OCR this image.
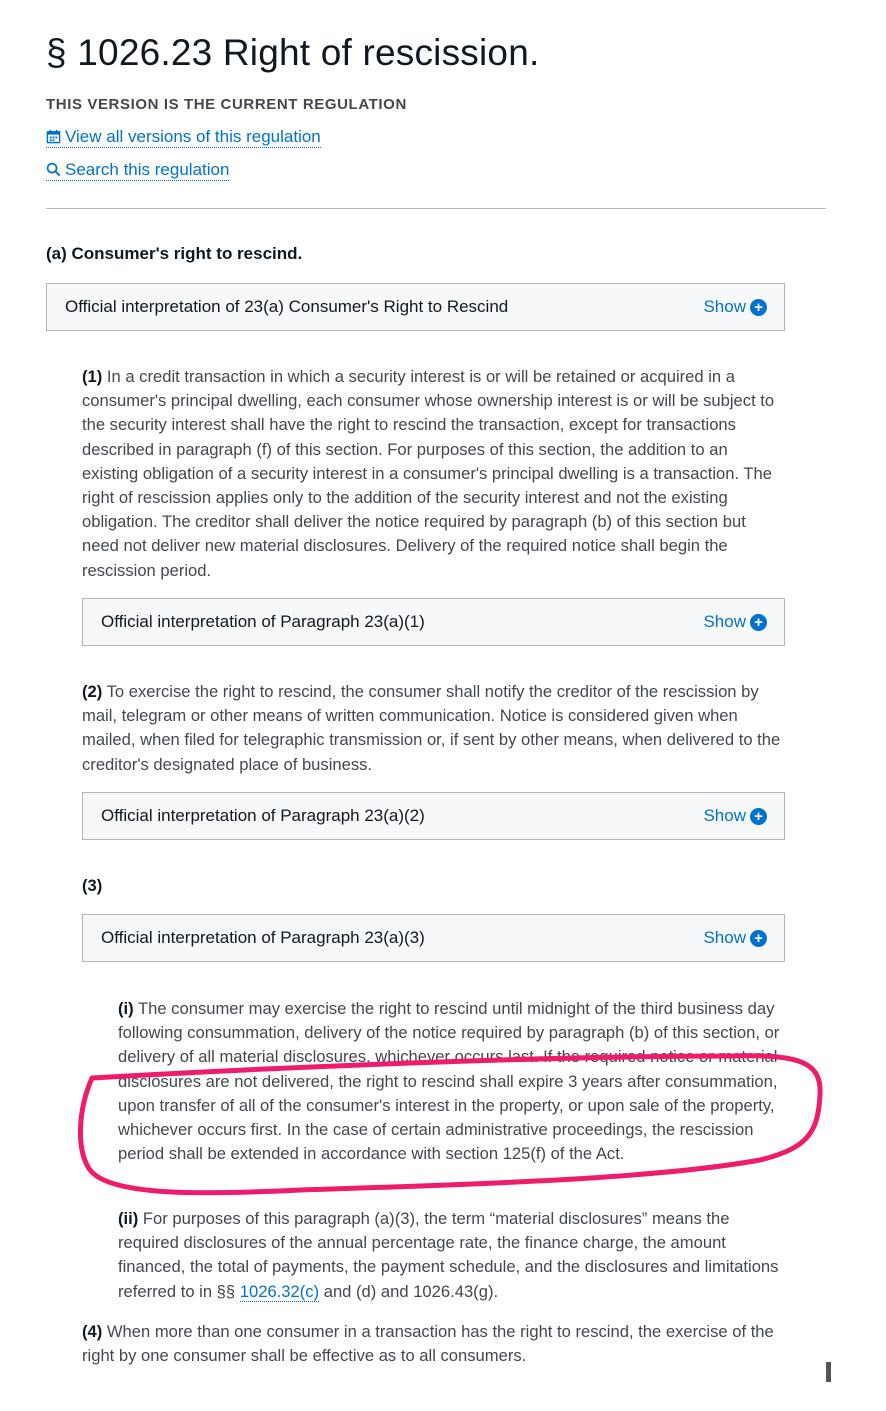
§ 1026.23 Right of rescission.
THIS VERSION IS THE CURRENT REGULATION
View all versions of this regulation
Search this regulation
(a) Consumer's right to rescind.
Official interpretation of 23(a) Consumer's Right to Rescind	Show +

(1) In a credit transaction in which a security interest is or will be retained or acquired in a consumer's principal dwelling, each consumer whose ownership interest is or will be subject to the security interest shall have the right to rescind the transaction, except for transactions described in paragraph (f) of this section. For purposes of this section, the addition to an existing obligation of a security interest in a consumer's principal dwelling is a transaction. The right of rescission applies only to the addition of the security interest and not the existing obligation. The creditor shall deliver the notice required by paragraph (b) of this section but need not deliver new material disclosures. Delivery of the required notice shall begin the rescission period.

Official interpretation of Paragraph 23(a)(1)	Show +

(2) To exercise the right to rescind, the consumer shall notify the creditor of the rescission by mail, telegram or other means of written communication. Notice is considered given when mailed, when filed for telegraphic transmission or, if sent by other means, when delivered to the creditor's designated place of business.

Official interpretation of Paragraph 23(a)(2)	Show +

(3)

Official interpretation of Paragraph 23(a)(3)	Show +

(i) The consumer may exercise the right to rescind until midnight of the third business day following consummation, delivery of the notice required by paragraph (b) of this section, or delivery of all material disclosures, whichever occurs last. If the required notice or material disclosures are not delivered, the right to rescind shall expire 3 years after consummation, upon transfer of all of the consumer's interest in the property, or upon sale of the property, whichever occurs first. In the case of certain administrative proceedings, the rescission period shall be extended in accordance with section 125(f) of the Act.

(ii) For purposes of this paragraph (a)(3), the term “material disclosures” means the required disclosures of the annual percentage rate, the finance charge, the amount financed, the total of payments, the payment schedule, and the disclosures and limitations referred to in §§ 1026.32(c) and (d) and 1026.43(g).

(4) When more than one consumer in a transaction has the right to rescind, the exercise of the right by one consumer shall be effective as to all consumers.
